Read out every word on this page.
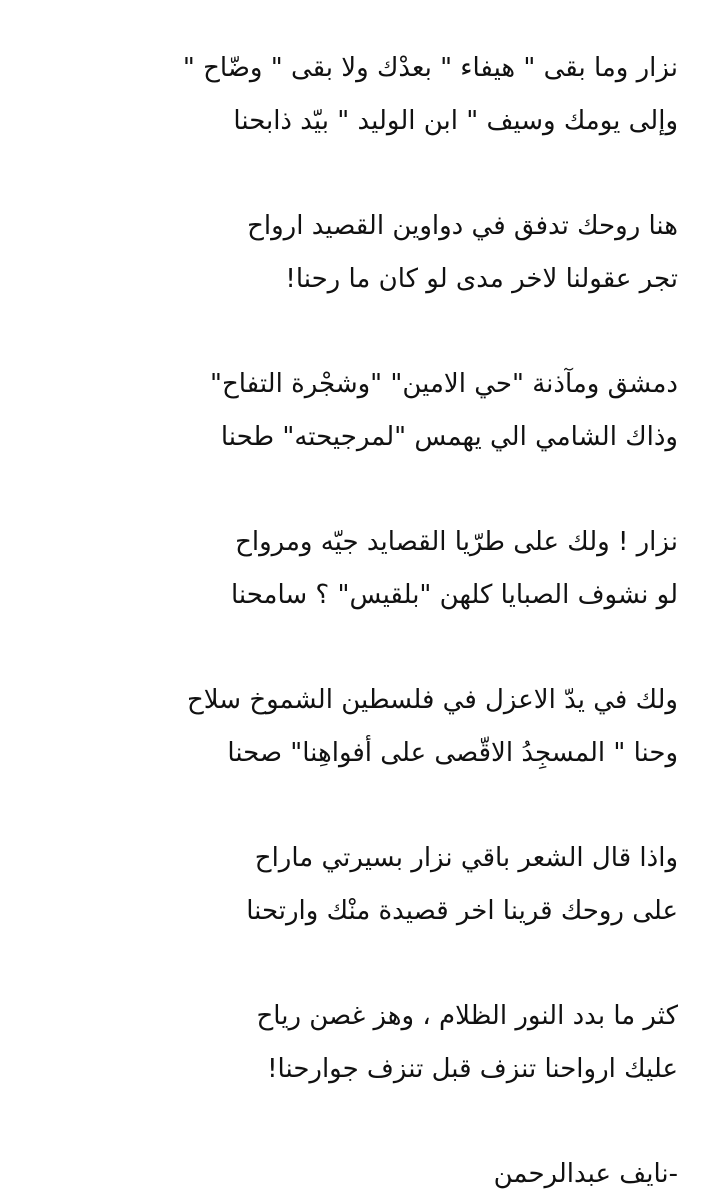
نزار وما بقى " هيفاء " بعدْك ولا بقى " وضّاح "
وإلى يومك وسيف " ابن الوليد " بيّد ذابحنا
هنا روحك تدفق في دواوين القصيد ارواح
تجر عقولنا لاخر مدى لو كان ما رحنا!
دمشق ومآذنة "حي الامين" "وشجْرة التفاح"
وذاك الشامي الي يهمس "لمرجيحته" طحنا
نزار ! ولك على طرّيا القصايد جيّه ومرواح
لو نشوف الصبايا كلهن "بلقيس" ؟ سامحنا
ولك في يدّ الاعزل في فلسطين الشموخ سلاح
وحنا " المسجِدُ الاقّصى على أفواهِنا" صحنا
واذا قال الشعر باقي نزار بسيرتي ماراح
على روحك قرينا اخر قصيدة منْك وارتحنا
كثر ما بدد النور الظلام ، وهز غصن رياح
عليك ارواحنا تنزف قبل تنزف جوارحنا!
-نايف عبدالرحمن
